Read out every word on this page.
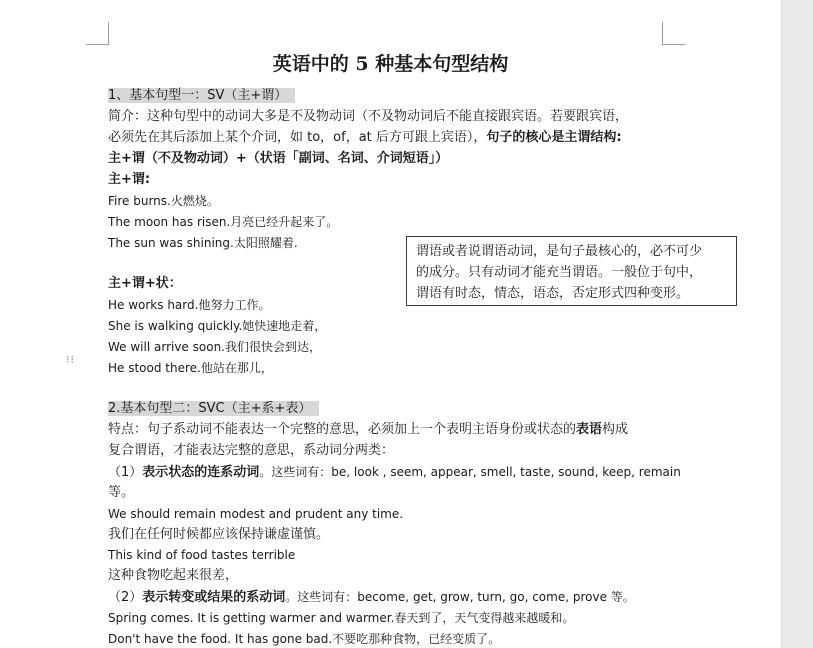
⁝⁝
英语中的 5 种基本句型结构
1、基本句型一：SV（主+谓）
简介：这种句型中的动词大多是不及物动词（不及物动词后不能直接跟宾语。若要跟宾语，
必须先在其后添加上某个介词，如 to，of，at 后方可跟上宾语），句子的核心是主谓结构:
主+谓（不及物动词）+（状语「副词、名词、介词短语」）
主+谓:
Fire burns.火燃烧。
The moon has risen.月亮已经升起来了。
The sun was shining.太阳照耀着.
主+谓+状：
He works hard.他努力工作。
She is walking quickly.她快速地走着，
We will arrive soon.我们很快会到达，
He stood there.他站在那儿，
谓语或者说谓语动词，是句子最核心的，必不可少
的成分。只有动词才能充当谓语。一般位于句中，
谓语有时态，情态，语态，否定形式四种变形。
2.基本句型二：SVC（主+系+表）
特点：句子系动词不能表达一个完整的意思，必须加上一个表明主语身份或状态的表语构成
复合谓语，才能表达完整的意思，系动词分两类：
（1）表示状态的连系动词。这些词有：be, look , seem, appear, smell, taste, sound, keep, remain
等。
We should remain modest and prudent any time.
我们在任何时候都应该保持谦虚谨慎。
This kind of food tastes terrible
这种食物吃起来很差，
（2）表示转变或结果的系动词。这些词有：become, get, grow, turn, go, come, prove 等。
Spring comes. It is getting warmer and warmer.春天到了，天气变得越来越暖和。
Don't have the food. It has gone bad.不要吃那种食物，已经变质了。
